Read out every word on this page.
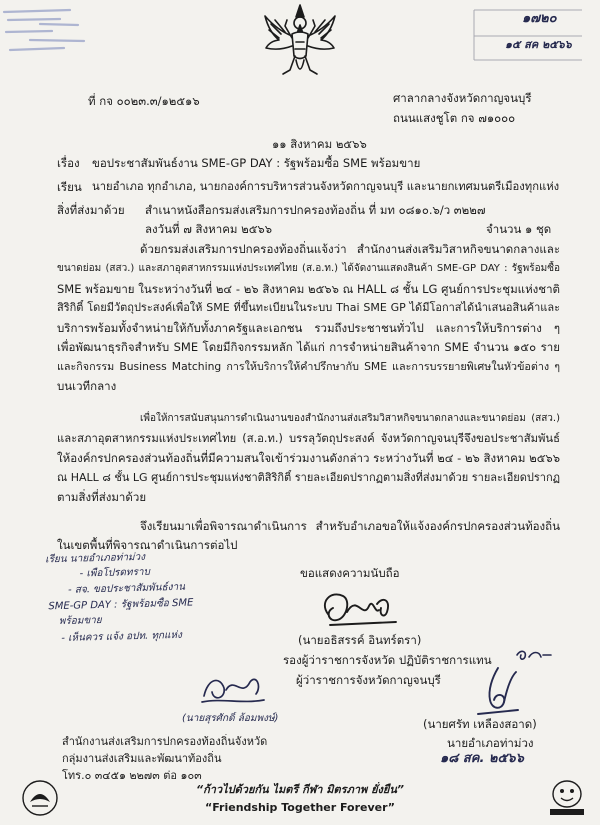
๑๗๒๐
๑๕ สค ๒๕๖๖
ที่ กจ ๐๐๒๓.๓/๑๒๕๑๖	ศาลากลางจังหวัดกาญจนบุรี
ถนนแสงชูโต กจ ๗๑๐๐๐
๑๑ สิงหาคม ๒๕๖๖
เรื่อง ขอประชาสัมพันธ์งาน SME-GP DAY : รัฐพร้อมซื้อ SME พร้อมขาย
เรียน นายอำเภอ ทุกอำเภอ, นายกองค์การบริหารส่วนจังหวัดกาญจนบุรี และนายกเทศมนตรีเมืองทุกแห่ง
สิ่งที่ส่งมาด้วย สำเนาหนังสือกรมส่งเสริมการปกครองท้องถิ่น ที่ มท ๐๘๑๐.๖/ว ๓๒๒๗
ลงวันที่ ๗ สิงหาคม ๒๕๖๖	จำนวน ๑ ชุด
ด้วยกรมส่งเสริมการปกครองท้องถิ่นแจ้งว่า สำนักงานส่งเสริมวิสาหกิจขนาดกลางและ
ขนาดย่อม (สสว.) และสภาอุตสาหกรรมแห่งประเทศไทย (ส.อ.ท.) ได้จัดงานแสดงสินค้า SME-GP DAY : รัฐพร้อมซื้อ
SME พร้อมขาย ในระหว่างวันที่ ๒๔ - ๒๖ สิงหาคม ๒๕๖๖ ณ HALL ๘ ชั้น LG ศูนย์การประชุมแห่งชาติ
สิริกิติ์ โดยมีวัตถุประสงค์เพื่อให้ SME ที่ขึ้นทะเบียนในระบบ Thai SME GP ได้มีโอกาสได้นำเสนอสินค้าและ
บริการพร้อมทั้งจำหน่ายให้กับทั้งภาครัฐและเอกชน รวมถึงประชาชนทั่วไป และการให้บริการต่าง ๆ
เพื่อพัฒนาธุรกิจสำหรับ SME โดยมีกิจกรรมหลัก ได้แก่ การจำหน่ายสินค้าจาก SME จำนวน ๑๕๐ ราย
และกิจกรรม Business Matching การให้บริการให้คำปรึกษากับ SME และการบรรยายพิเศษในหัวข้อต่าง ๆ
บนเวทีกลาง
เพื่อให้การสนับสนุนการดำเนินงานของสำนักงานส่งเสริมวิสาหกิจขนาดกลางและขนาดย่อม (สสว.)
และสภาอุตสาหกรรมแห่งประเทศไทย (ส.อ.ท.) บรรลุวัตถุประสงค์ จังหวัดกาญจนบุรีจึงขอประชาสัมพันธ์
ให้องค์กรปกครองส่วนท้องถิ่นที่มีความสนใจเข้าร่วมงานดังกล่าว ระหว่างวันที่ ๒๔ - ๒๖ สิงหาคม ๒๕๖๖
ณ HALL ๘ ชั้น LG ศูนย์การประชุมแห่งชาติสิริกิติ์ รายละเอียดปรากฏตามสิ่งที่ส่งมาด้วย รายละเอียดปรากฏ
ตามสิ่งที่ส่งมาด้วย
จึงเรียนมาเพื่อพิจารณาดำเนินการ สำหรับอำเภอขอให้แจ้งองค์กรปกครองส่วนท้องถิ่น
ในเขตพื้นที่พิจารณาดำเนินการต่อไป
ขอแสดงความนับถือ
(นายอธิสรรค์ อินทร์ตรา)
รองผู้ว่าราชการจังหวัด ปฏิบัติราชการแทน
ผู้ว่าราชการจังหวัดกาญจนบุรี
เรียน นายอำเภอท่าม่วง
- เพื่อโปรดทราบ
- สจ. ขอประชาสัมพันธ์งาน
SME-GP DAY : รัฐพร้อมซื้อ SME
พร้อมขาย
- เห็นควร แจ้ง อปท. ทุกแห่ง
(นายสุรศักดิ์ ล้อมพงษ์)	(นายศรัท เหลืองสอาด)
นายอำเภอท่าม่วง
๑๘ สค. ๒๕๖๖
สำนักงานส่งเสริมการปกครองท้องถิ่นจังหวัด
กลุ่มงานส่งเสริมและพัฒนาท้องถิ่น
โทร.๐ ๓๔๕๑ ๒๒๗๓ ต่อ ๑๐๓
“ก้าวไปด้วยกัน ไมตรี กีฬา มิตรภาพ ยั่งยืน”
“Friendship Together Forever”
